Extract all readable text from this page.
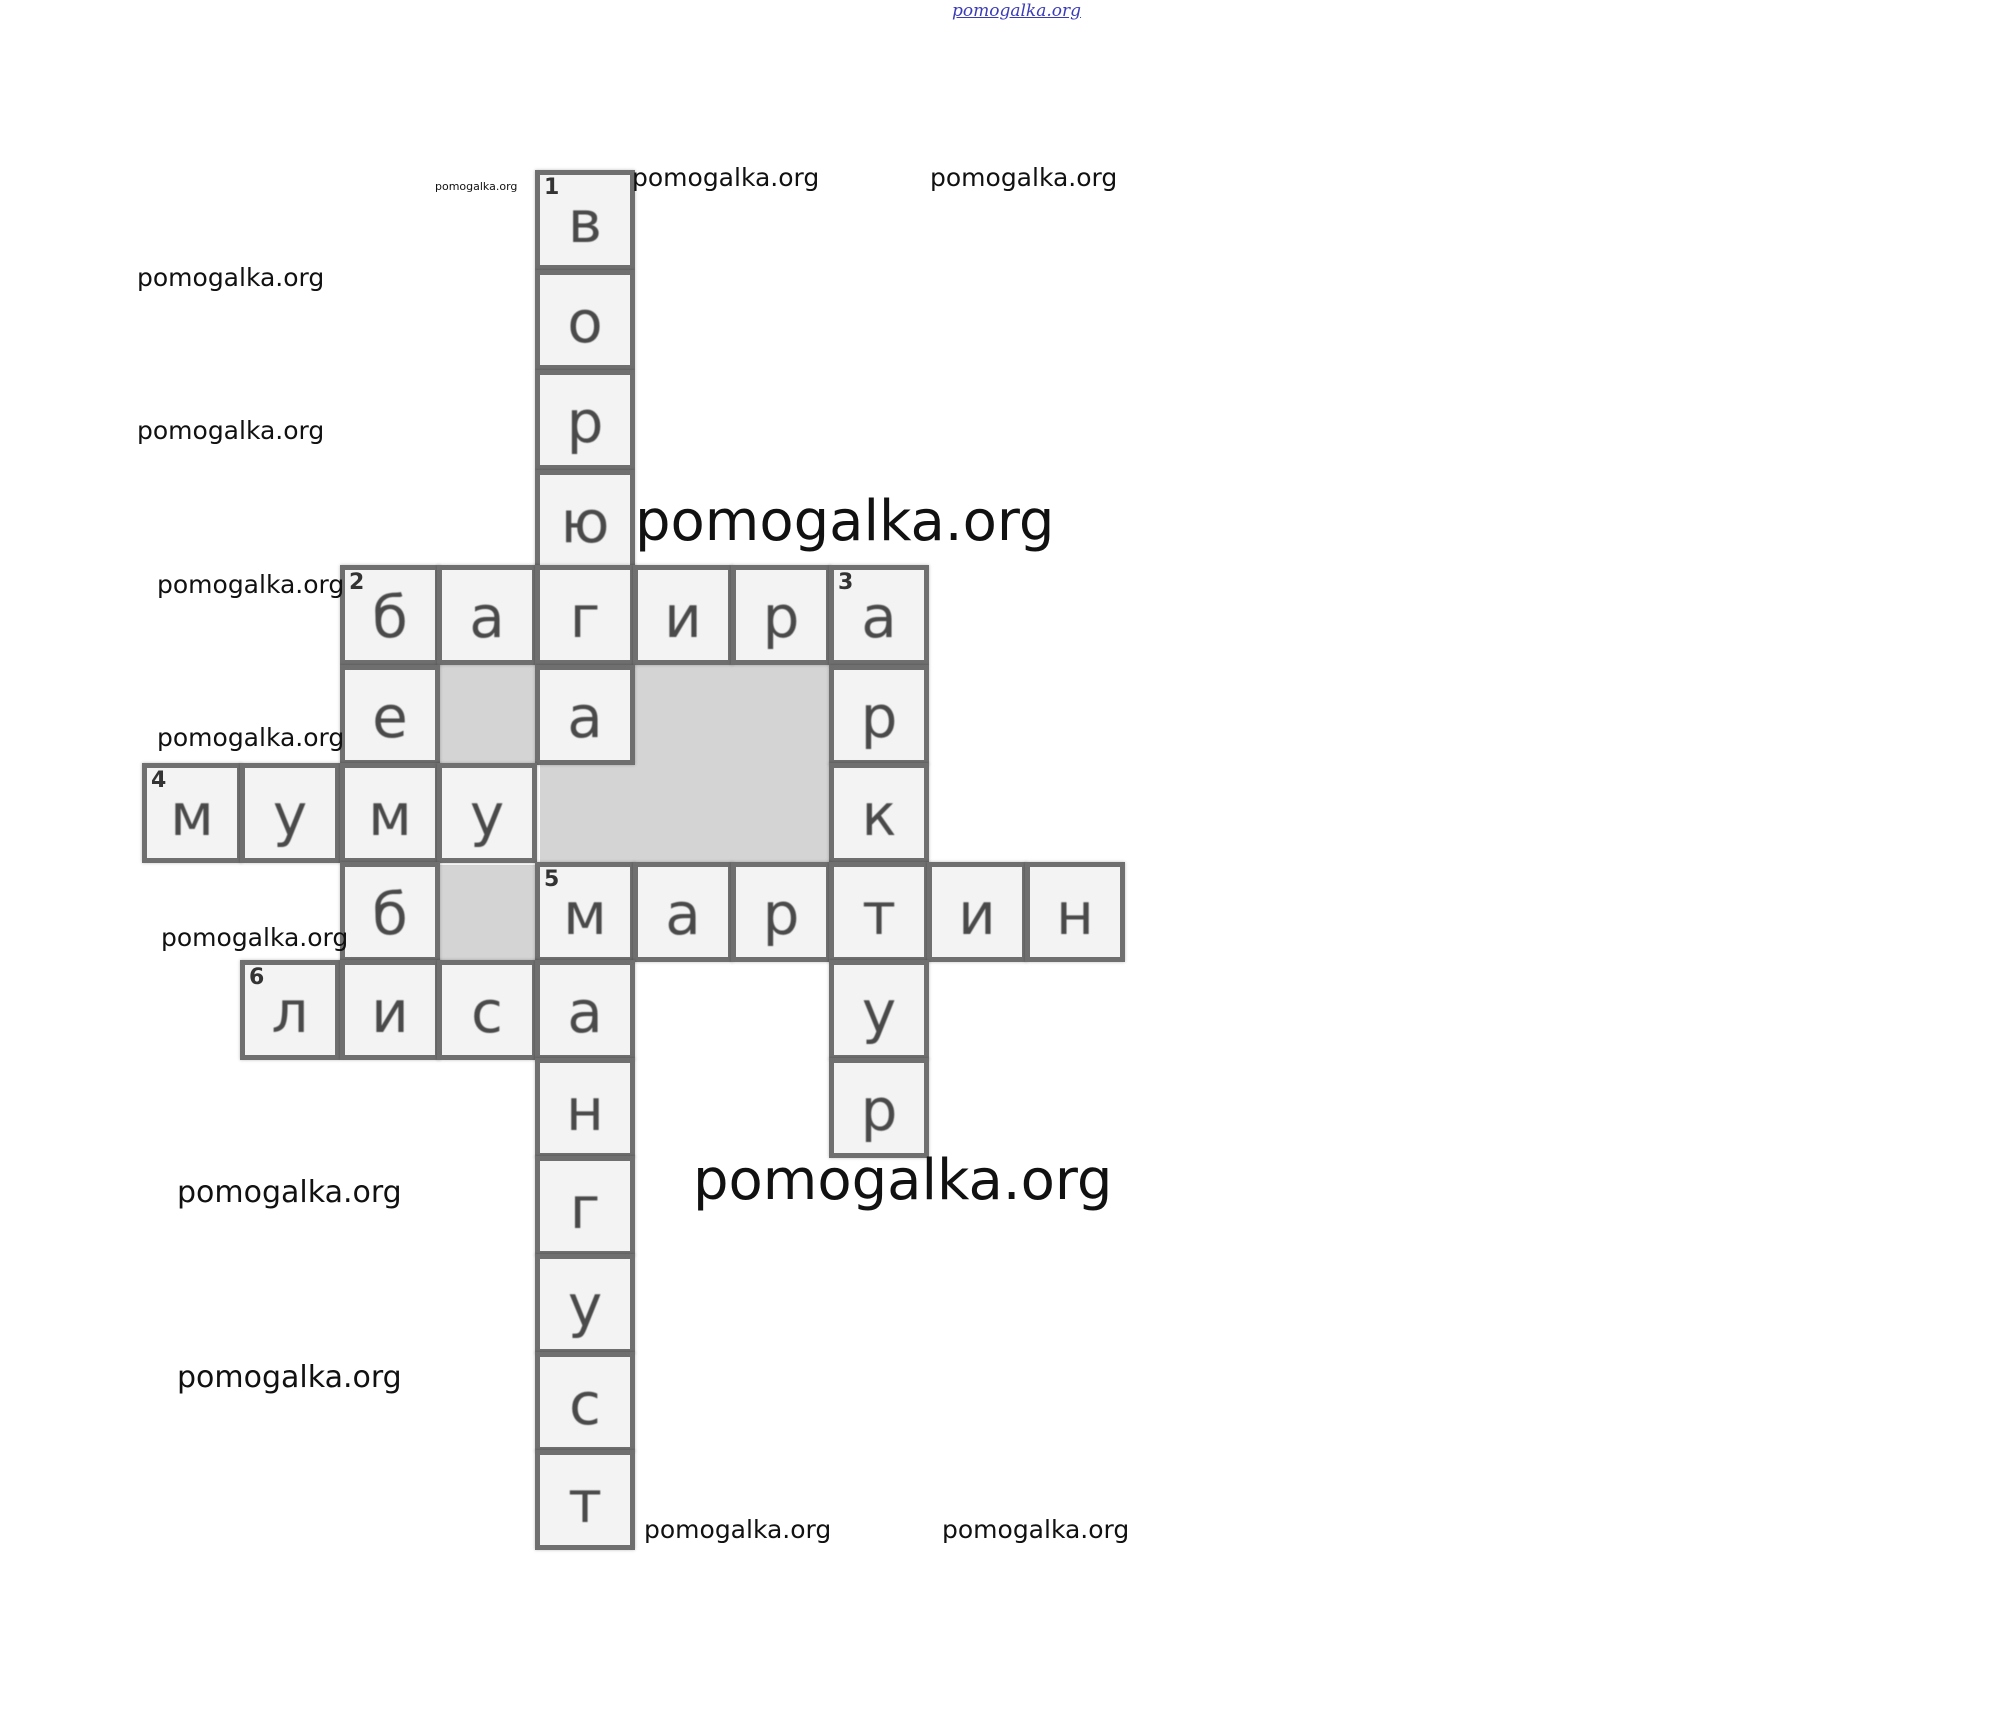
1
в
о
р
ю
2
б	а	г	и	р
3
а
е	а	р
4
м	у	м у	к
б
5
м	а	р	т	и	н
6
л	и	с	а	у
н	р
г
у
с
т
pomogalka.org
pomogalka.org	pomogalka.org	pomogalka.org
pomogalka.org
pomogalka.org
pomogalka.org
pomogalka.org
pomogalka.org
pomogalka.org
pomogalka.org
pomogalka.org
pomogalka.org
pomogalka.org	pomogalka.org
